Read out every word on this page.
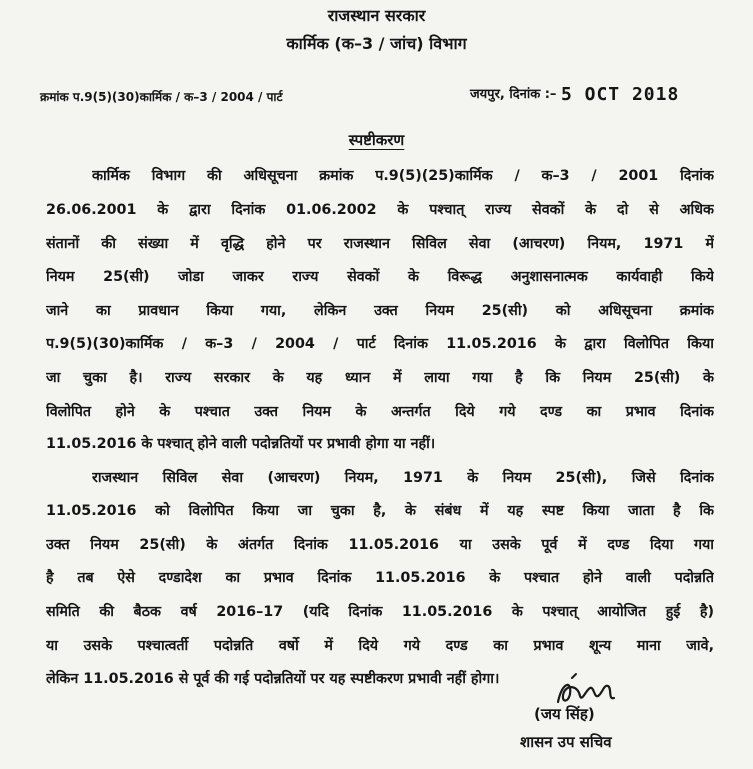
राजस्थान सरकार
कार्मिक (क–3 / जांच) विभाग
क्रमांक प.9(5)(30)कार्मिक / क–3 / 2004 / पार्ट	जयपुर, दिनांक :– 5 OCT 2018
स्पष्टीकरण
कार्मिक विभाग की अधिसूचना क्रमांक प.9(5)(25)कार्मिक / क–3 / 2001 दिनांक
26.06.2001 के द्वारा दिनांक 01.06.2002 के पश्चात् राज्य सेवकों के दो से अधिक
संतानों की संख्या में वृद्धि होने पर राजस्थान सिविल सेवा (आचरण) नियम, 1971 में
नियम 25(सी) जोडा जाकर राज्य सेवकों के विरूद्ध अनुशासनात्मक कार्यवाही किये
जाने का प्रावधान किया गया, लेकिन उक्त नियम 25(सी) को अधिसूचना क्रमांक
प.9(5)(30)कार्मिक / क–3 / 2004 / पार्ट दिनांक 11.05.2016 के द्वारा विलोपित किया
जा चुका है। राज्य सरकार के यह ध्यान में लाया गया है कि नियम 25(सी) के
विलोपित होने के पश्चात उक्त नियम के अन्तर्गत दिये गये दण्ड का प्रभाव दिनांक
11.05.2016 के पश्चात् होने वाली पदोन्नतियों पर प्रभावी होगा या नहीं।
राजस्थान सिविल सेवा (आचरण) नियम, 1971 के नियम 25(सी), जिसे दिनांक
11.05.2016 को विलोपित किया जा चुका है, के संबंध में यह स्पष्ट किया जाता है कि
उक्त नियम 25(सी) के अंतर्गत दिनांक 11.05.2016 या उसके पूर्व में दण्ड दिया गया
है तब ऐसे दण्डादेश का प्रभाव दिनांक 11.05.2016 के पश्चात होने वाली पदोन्नति
समिति की बैठक वर्ष 2016–17 (यदि दिनांक 11.05.2016 के पश्चात् आयोजित हुई है)
या उसके पश्चात्वर्ती पदोन्नति वर्षो में दिये गये दण्ड का प्रभाव शून्य माना जावे,
लेकिन 11.05.2016 से पूर्व की गई पदोन्नतियों पर यह स्पष्टीकरण प्रभावी नहीं होगा।
(जय सिंह)
शासन उप सचिव
